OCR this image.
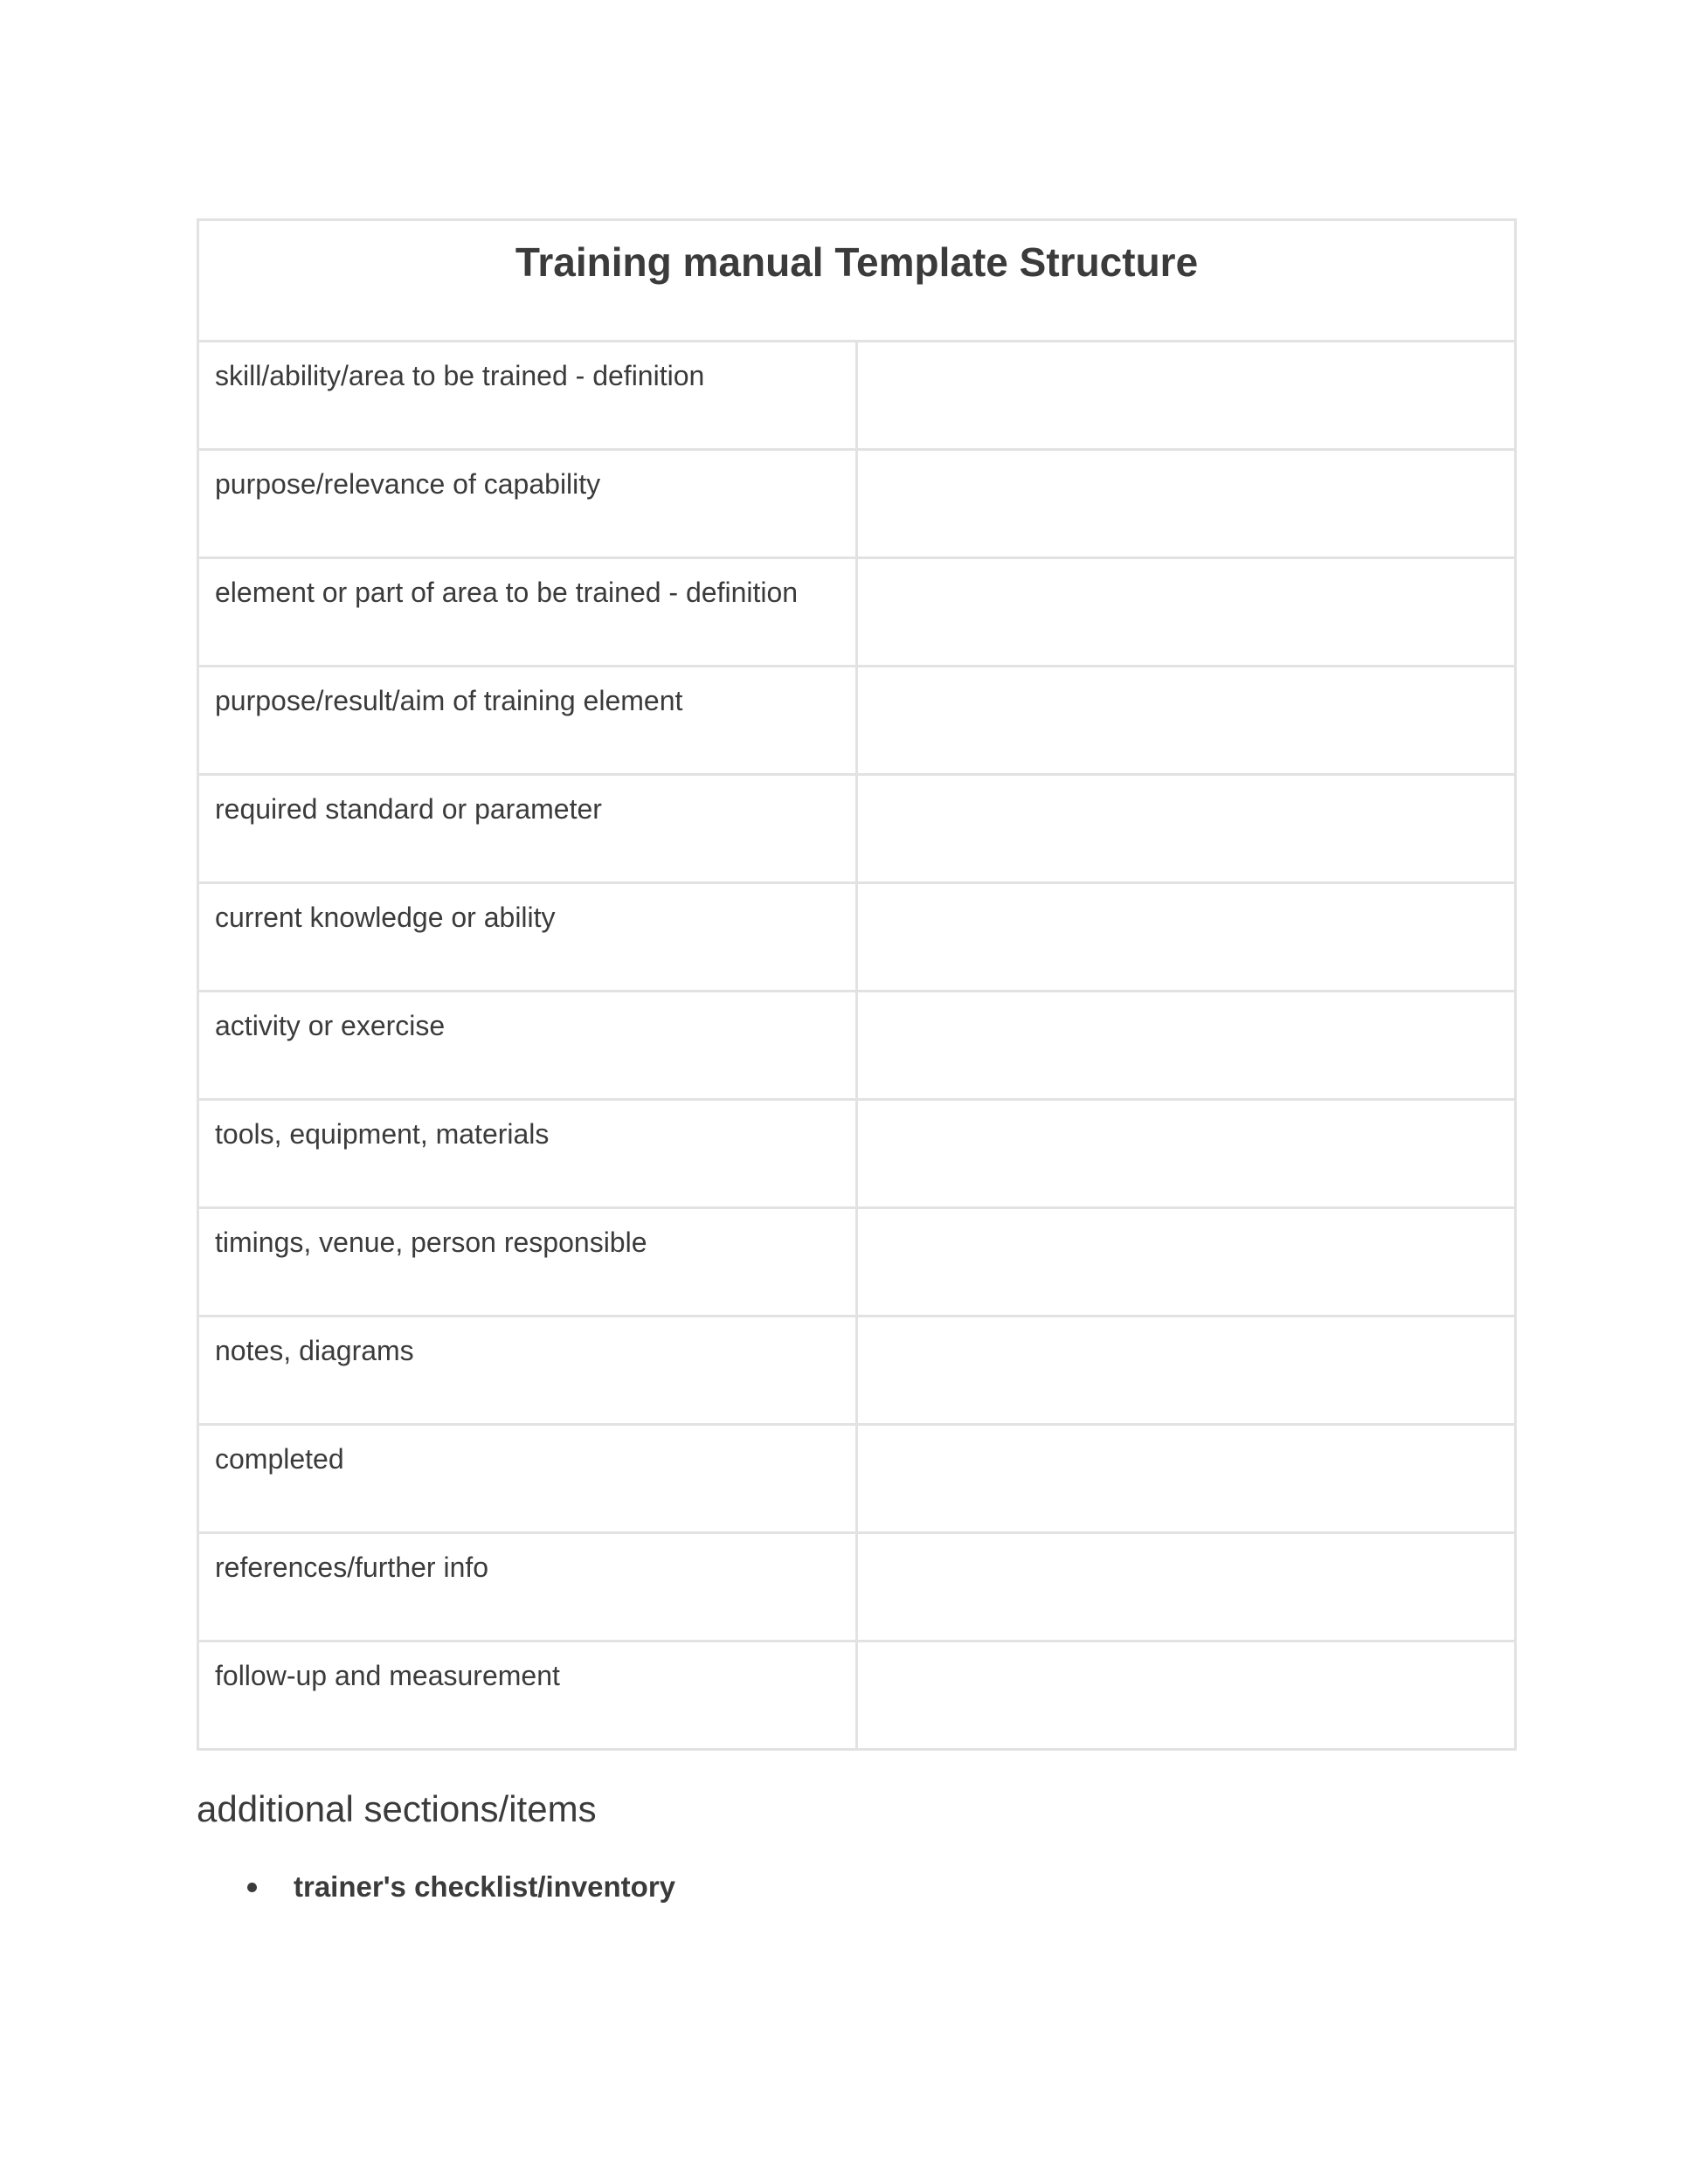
Training manual Template Structure	
skill/ability/area to be trained - definition	
purpose/relevance of capability	
element or part of area to be trained - definition	
purpose/result/aim of training element	
required standard or parameter	
current knowledge or ability	
activity or exercise	
tools, equipment, materials	
timings, venue, person responsible	
notes, diagrams	
completed	
references/further info	
follow-up and measurement	
additional sections/items
trainer's checklist/inventory
